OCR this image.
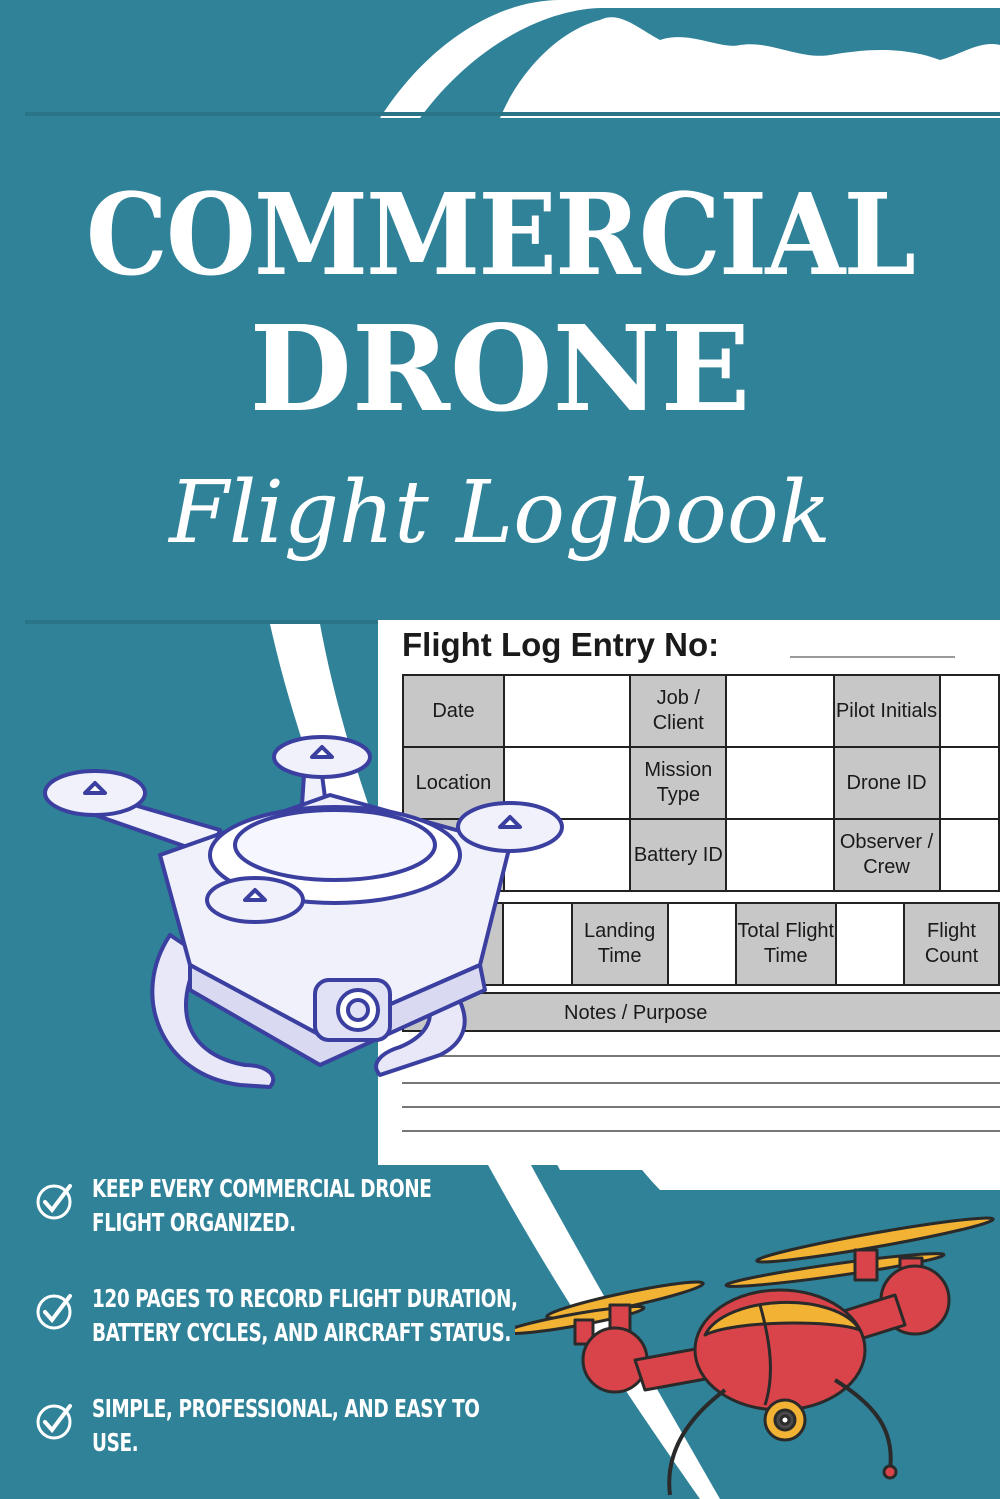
COMMERCIAL
DRONE
Flight Logbook
Flight Log Entry No:
Date		Job / Client		Pilot Initials	
Location		Mission Type		Drone ID	
		Battery ID		Observer / Crew	
		Landing Time		Total Flight Time		Flight Count
Notes / Purpose
KEEP EVERY COMMERCIAL DRONE FLIGHT ORGANIZED.
120 PAGES TO RECORD FLIGHT DURATION, BATTERY CYCLES, AND AIRCRAFT STATUS.
SIMPLE, PROFESSIONAL, AND EASY TO USE.
